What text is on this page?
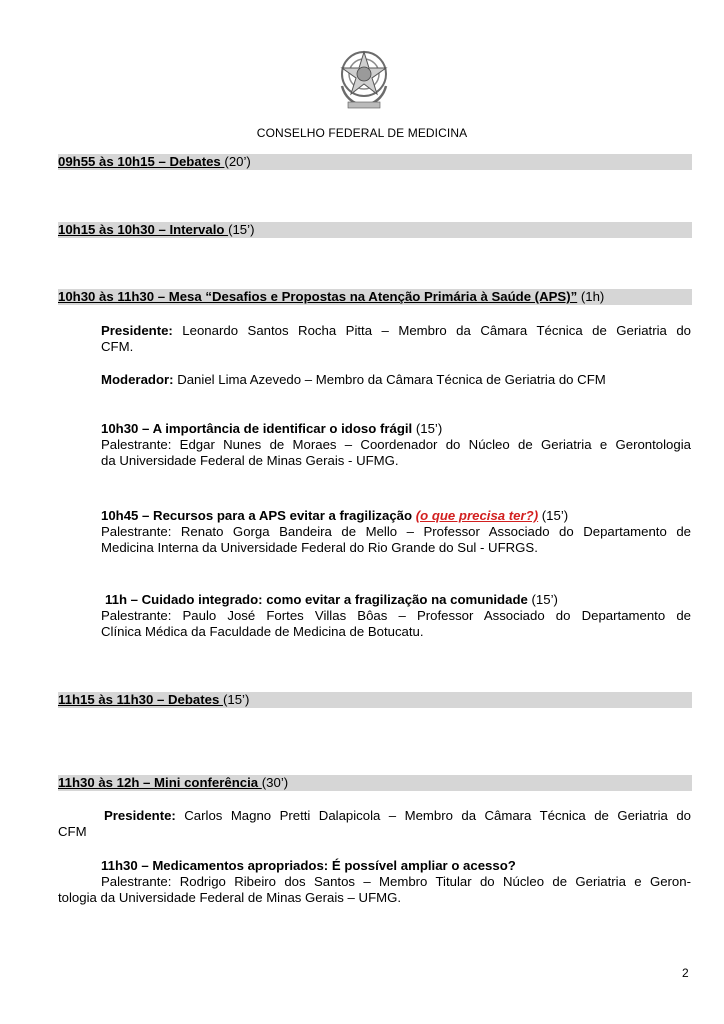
CONSELHO FEDERAL DE MEDICINA
09h55 às 10h15 – Debates (20’)
10h15 às 10h30 – Intervalo (15’)
10h30 às 11h30 – Mesa “Desafios e Propostas na Atenção Primária à Saúde (APS)” (1h)
Presidente: Leonardo Santos Rocha Pitta – Membro da Câmara Técnica de Geriatria do
CFM.
Moderador: Daniel Lima Azevedo – Membro da Câmara Técnica de Geriatria do CFM
10h30 – A importância de identificar o idoso frágil (15’)
Palestrante: Edgar Nunes de Moraes – Coordenador do Núcleo de Geriatria e Gerontologia
da Universidade Federal de Minas Gerais - UFMG.
10h45 – Recursos para a APS evitar a fragilização (o que precisa ter?) (15’)
Palestrante: Renato Gorga Bandeira de Mello – Professor Associado do Departamento de
Medicina Interna da Universidade Federal do Rio Grande do Sul - UFRGS.
11h – Cuidado integrado: como evitar a fragilização na comunidade (15’)
Palestrante: Paulo José Fortes Villas Bôas – Professor Associado do Departamento de
Clínica Médica da Faculdade de Medicina de Botucatu.
11h15 às 11h30 – Debates (15’)
11h30 às 12h – Mini conferência (30’)
Presidente: Carlos Magno Pretti Dalapicola – Membro da Câmara Técnica de Geriatria do
CFM
11h30 – Medicamentos apropriados: É possível ampliar o acesso?
Palestrante: Rodrigo Ribeiro dos Santos – Membro Titular do Núcleo de Geriatria e Geron-
tologia da Universidade Federal de Minas Gerais – UFMG.
2
